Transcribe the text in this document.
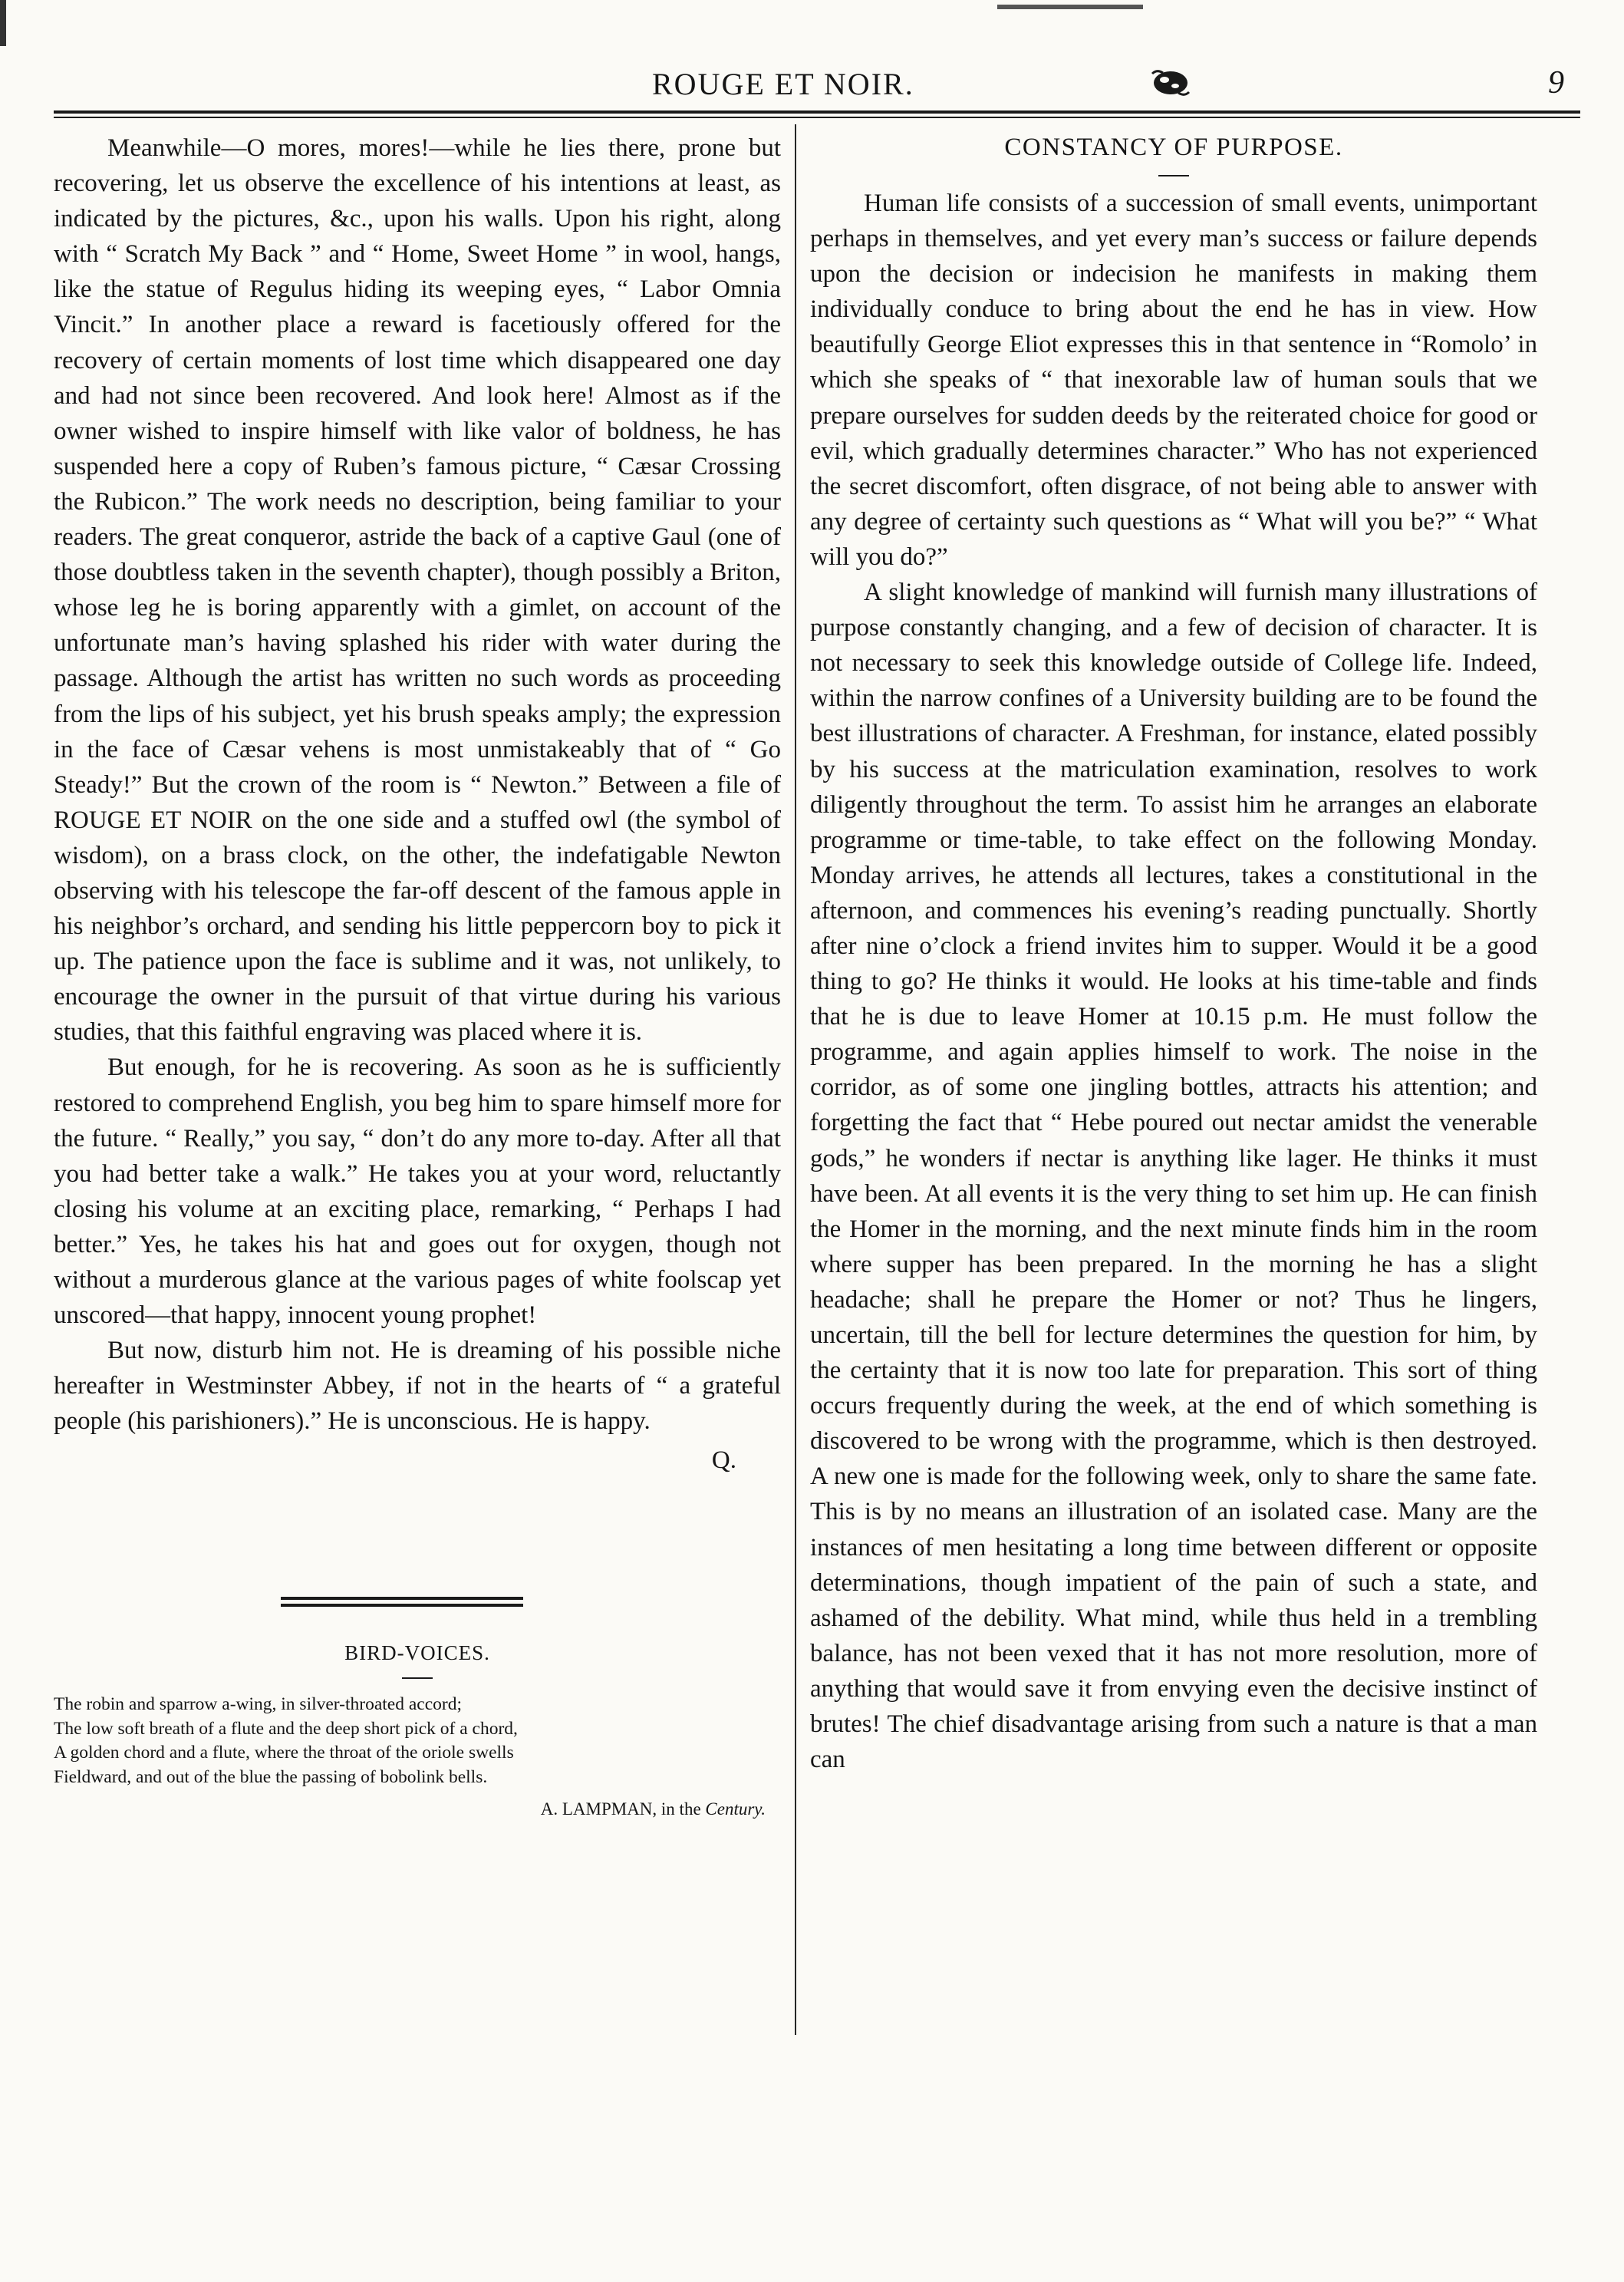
ROUGE ET NOIR.	9

Meanwhile—O mores, mores!—while he lies there, prone but recovering, let us observe the excellence of his intentions at least, as indicated by the pictures, &c., upon his walls. Upon his right, along with “ Scratch My Back ” and “ Home, Sweet Home ” in wool, hangs, like the statue of Regulus hiding its weeping eyes, “ Labor Omnia Vincit.” In another place a reward is facetiously offered for the recovery of certain moments of lost time which disappeared one day and had not since been recovered. And look here! Almost as if the owner wished to inspire himself with like valor of boldness, he has suspended here a copy of Ruben’s famous picture, “ Cæsar Crossing the Rubicon.” The work needs no description, being familiar to your readers. The great conqueror, astride the back of a captive Gaul (one of those doubtless taken in the seventh chapter), though possibly a Briton, whose leg he is boring apparently with a gimlet, on account of the unfortunate man’s having splashed his rider with water during the passage. Although the artist has written no such words as proceeding from the lips of his subject, yet his brush speaks amply; the expression in the face of Cæsar vehens is most unmistakeably that of “ Go Steady!” But the crown of the room is “ Newton.” Between a file of ROUGE ET NOIR on the one side and a stuffed owl (the symbol of wisdom), on a brass clock, on the other, the indefatigable Newton observing with his telescope the far-off descent of the famous apple in his neighbor’s orchard, and sending his little peppercorn boy to pick it up. The patience upon the face is sublime and it was, not unlikely, to encourage the owner in the pursuit of that virtue during his various studies, that this faithful engraving was placed where it is.

But enough, for he is recovering. As soon as he is sufficiently restored to comprehend English, you beg him to spare himself more for the future. “ Really,” you say, “ don’t do any more to-day. After all that you had better take a walk.” He takes you at your word, reluctantly closing his volume at an exciting place, remarking, “ Perhaps I had better.” Yes, he takes his hat and goes out for oxygen, though not without a murderous glance at the various pages of white foolscap yet unscored—that happy, innocent young prophet!

But now, disturb him not. He is dreaming of his possible niche hereafter in Westminster Abbey, if not in the hearts of “ a grateful people (his parishioners).” He is unconscious. He is happy.

Q.

BIRD-VOICES.

The robin and sparrow a-wing, in silver-throated accord;

The low soft breath of a flute and the deep short pick of a chord,

A golden chord and a flute, where the throat of the oriole swells

Fieldward, and out of the blue the passing of bobolink bells.

A. LAMPMAN, in the Century.
CONSTANCY OF PURPOSE.

Human life consists of a succession of small events, unimportant perhaps in themselves, and yet every man’s success or failure depends upon the decision or indecision he manifests in making them individually conduce to bring about the end he has in view. How beautifully George Eliot expresses this in that sentence in “Romolo’ in which she speaks of “ that inexorable law of human souls that we prepare ourselves for sudden deeds by the reiterated choice for good or evil, which gradually determines character.” Who has not experienced the secret discomfort, often disgrace, of not being able to answer with any degree of certainty such questions as “ What will you be?” “ What will you do?”

A slight knowledge of mankind will furnish many illustrations of purpose constantly changing, and a few of decision of character. It is not necessary to seek this knowledge outside of College life. Indeed, within the narrow confines of a University building are to be found the best illustrations of character. A Freshman, for instance, elated possibly by his success at the matriculation examination, resolves to work diligently throughout the term. To assist him he arranges an elaborate programme or time-table, to take effect on the following Monday. Monday arrives, he attends all lectures, takes a constitutional in the afternoon, and commences his evening’s reading punctually. Shortly after nine o’clock a friend invites him to supper. Would it be a good thing to go? He thinks it would. He looks at his time-table and finds that he is due to leave Homer at 10.15 p.m. He must follow the programme, and again applies himself to work. The noise in the corridor, as of some one jingling bottles, attracts his attention; and forgetting the fact that “ Hebe poured out nectar amidst the venerable gods,” he wonders if nectar is anything like lager. He thinks it must have been. At all events it is the very thing to set him up. He can finish the Homer in the morning, and the next minute finds him in the room where supper has been prepared. In the morning he has a slight headache; shall he prepare the Homer or not? Thus he lingers, uncertain, till the bell for lecture determines the question for him, by the certainty that it is now too late for preparation. This sort of thing occurs frequently during the week, at the end of which something is discovered to be wrong with the programme, which is then destroyed. A new one is made for the following week, only to share the same fate. This is by no means an illustration of an isolated case. Many are the instances of men hesitating a long time between different or opposite determinations, though impatient of the pain of such a state, and ashamed of the debility. What mind, while thus held in a trembling balance, has not been vexed that it has not more resolution, more of anything that would save it from envying even the decisive instinct of brutes! The chief disadvantage arising from such a nature is that a man can
